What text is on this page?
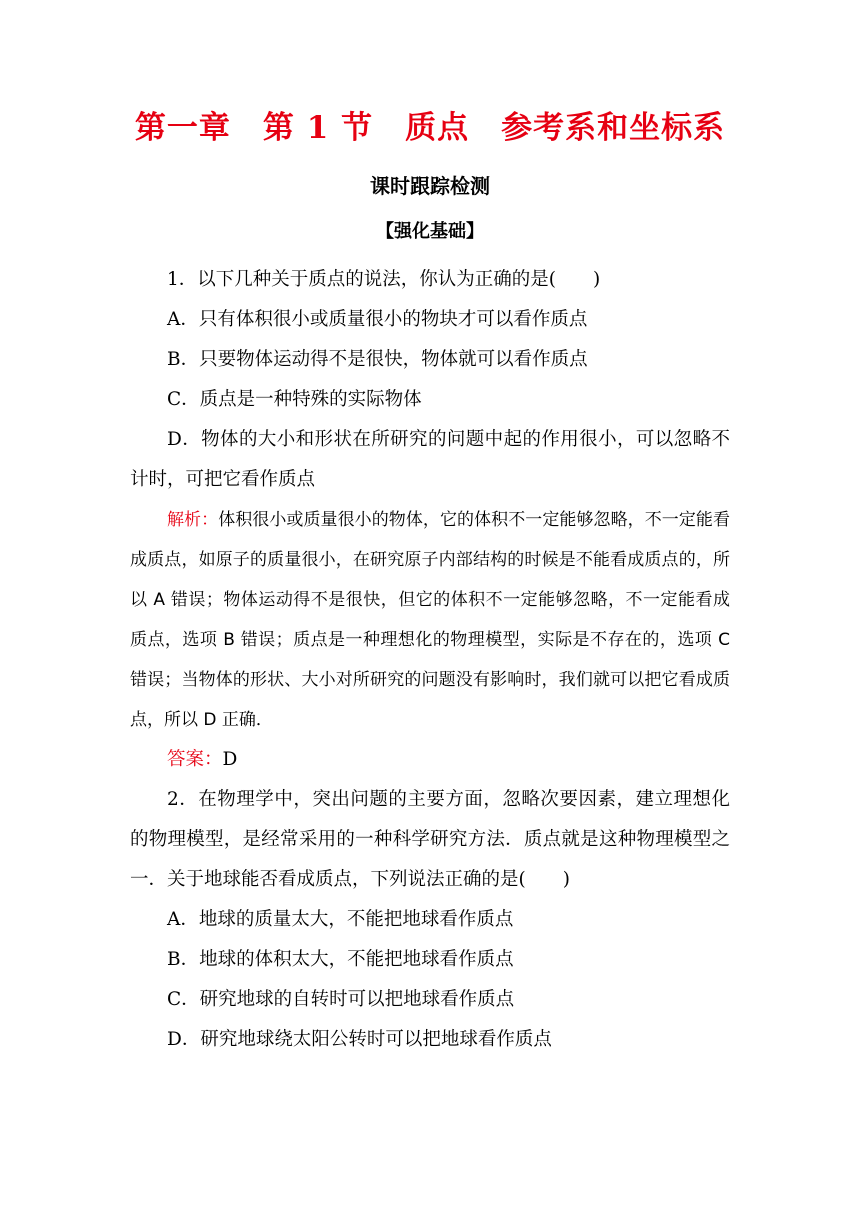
第一章　第 1 节　质点　参考系和坐标系
课时跟踪检测
【强化基础】

1．以下几种关于质点的说法，你认为正确的是(　　)

A．只有体积很小或质量很小的物块才可以看作质点

B．只要物体运动得不是很快，物体就可以看作质点

C．质点是一种特殊的实际物体

D．物体的大小和形状在所研究的问题中起的作用很小，可以忽略不计时，可把它看作质点

解析：体积很小或质量很小的物体，它的体积不一定能够忽略，不一定能看成质点，如原子的质量很小，在研究原子内部结构的时候是不能看成质点的，所以 A 错误；物体运动得不是很快，但它的体积不一定能够忽略，不一定能看成质点，选项 B 错误；质点是一种理想化的物理模型，实际是不存在的，选项 C 错误；当物体的形状、大小对所研究的问题没有影响时，我们就可以把它看成质点，所以 D 正确．

答案：D

2．在物理学中，突出问题的主要方面，忽略次要因素，建立理想化的物理模型，是经常采用的一种科学研究方法．质点就是这种物理模型之一．关于地球能否看成质点，下列说法正确的是(　　)

A．地球的质量太大，不能把地球看作质点

B．地球的体积太大，不能把地球看作质点

C．研究地球的自转时可以把地球看作质点

D．研究地球绕太阳公转时可以把地球看作质点
